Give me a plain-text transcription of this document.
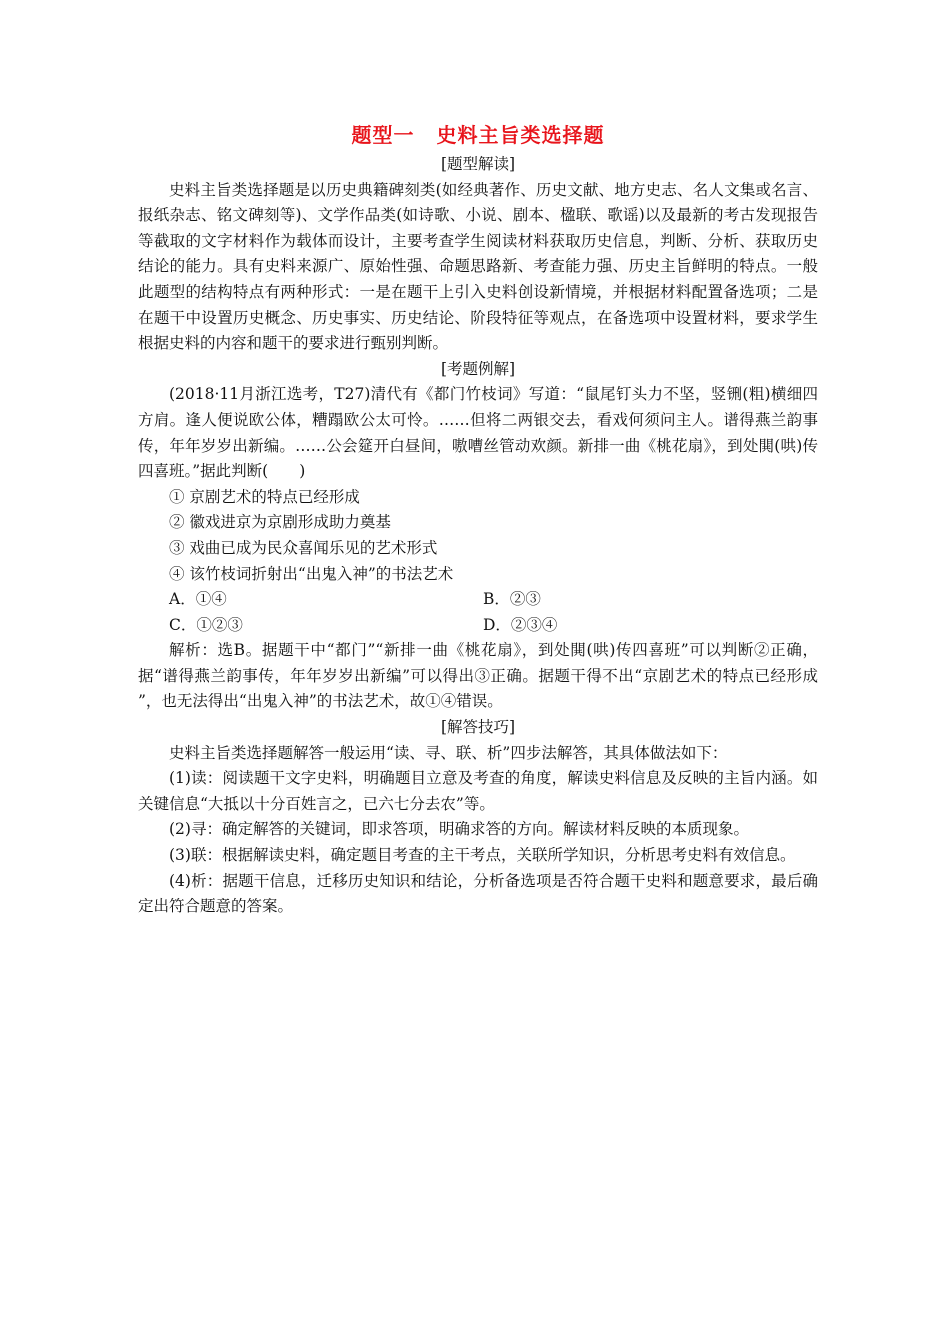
题型一 史料主旨类选择题

[题型解读]

史料主旨类选择题是以历史典籍碑刻类(如经典著作、历史文献、地方史志、名人文集或名言、报纸杂志、铭文碑刻等)、文学作品类(如诗歌、小说、剧本、楹联、歌谣)以及最新的考古发现报告等截取的文字材料作为载体而设计，主要考查学生阅读材料获取历史信息，判断、分析、获取历史结论的能力。具有史料来源广、原始性强、命题思路新、考查能力强、历史主旨鲜明的特点。一般此题型的结构特点有两种形式：一是在题干上引入史料创设新情境，并根据材料配置备选项；二是在题干中设置历史概念、历史事实、历史结论、阶段特征等观点，在备选项中设置材料，要求学生根据史料的内容和题干的要求进行甄别判断。

[考题例解]

(2018·11月浙江选考，T27)清代有《都门竹枝词》写道：“鼠尾钉头力不坚，竖铏(粗)横细四方肩。逢人便说欧公体，糟蹋欧公太可怜。……但将二两银交去，看戏何须问主人。谱得燕兰韵事传，年年岁岁出新编。……公会筵开白昼间，嗷嘈丝管动欢颜。新排一曲《桃花扇》，到处閧(哄)传四喜班。”据此判断(　　)

① 京剧艺术的特点已经形成

② 徽戏进京为京剧形成助力奠基

③ 戏曲已成为民众喜闻乐见的艺术形式

④ 该竹枝词折射出“出鬼入神”的书法艺术

A．①④	B．②③
C．①②③	D．②③④

解析：选B。据题干中“都门”“新排一曲《桃花扇》，到处閧(哄)传四喜班”可以判断②正确，据“谱得燕兰韵事传，年年岁岁出新编”可以得出③正确。据题干得不出“京剧艺术的特点已经形成 ”，也无法得出“出鬼入神”的书法艺术，故①④错误。

[解答技巧]

史料主旨类选择题解答一般运用“读、寻、联、析”四步法解答，其具体做法如下：

(1)读：阅读题干文字史料，明确题目立意及考查的角度，解读史料信息及反映的主旨内涵。如关键信息“大抵以十分百姓言之，已六七分去农”等。

(2)寻：确定解答的关键词，即求答项，明确求答的方向。解读材料反映的本质现象。

(3)联：根据解读史料，确定题目考查的主干考点，关联所学知识，分析思考史料有效信息。

(4)析：据题干信息，迁移历史知识和结论，分析备选项是否符合题干史料和题意要求，最后确定出符合题意的答案。
